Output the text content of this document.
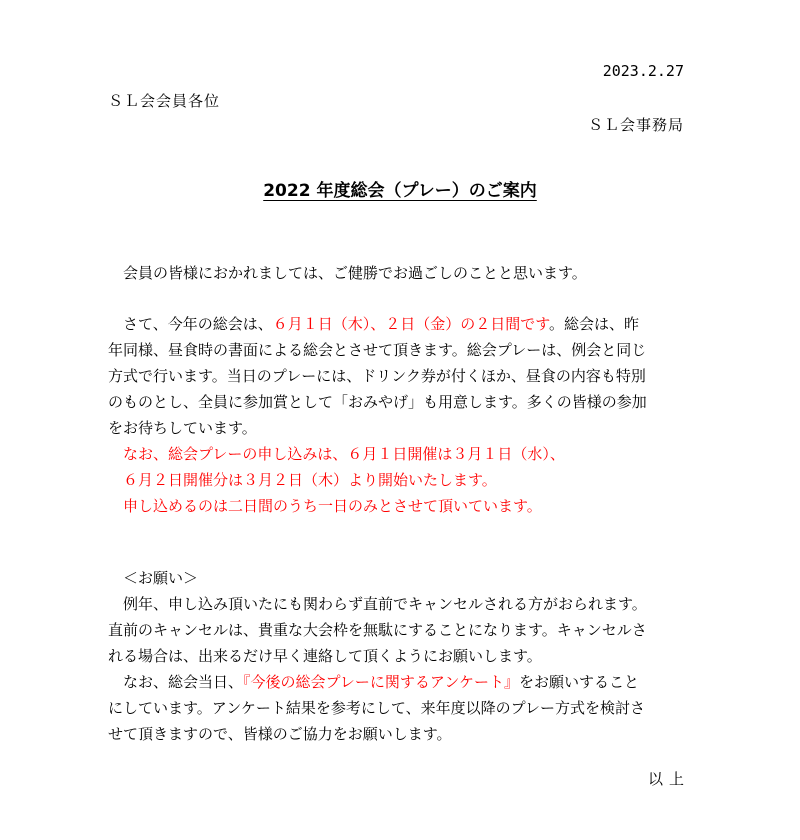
2023.2.27
ＳＬ会会員各位
ＳＬ会事務局
2022 年度総会（プレー）のご案内
　会員の皆様におかれましては、ご健勝でお過ごしのことと思います。
　さて、今年の総会は、６月１日（木）、２日（金）の２日間です。総会は、昨
年同様、昼食時の書面による総会とさせて頂きます。総会プレーは、例会と同じ
方式で行います。当日のプレーには、ドリンク券が付くほか、昼食の内容も特別
のものとし、全員に参加賞として「おみやげ」も用意します。多くの皆様の参加
をお待ちしています。
　なお、総会プレーの申し込みは、６月１日開催は３月１日（水）、
　６月２日開催分は３月２日（木）より開始いたします。
　申し込めるのは二日間のうち一日のみとさせて頂いています。
　＜お願い＞
　例年、申し込み頂いたにも関わらず直前でキャンセルされる方がおられます。
直前のキャンセルは、貴重な大会枠を無駄にすることになります。キャンセルさ
れる場合は、出来るだけ早く連絡して頂くようにお願いします。
　なお、総会当日、『今後の総会プレーに関するアンケート』をお願いすること
にしています。アンケート結果を参考にして、来年度以降のプレー方式を検討さ
せて頂きますので、皆様のご協力をお願いします。
以上
